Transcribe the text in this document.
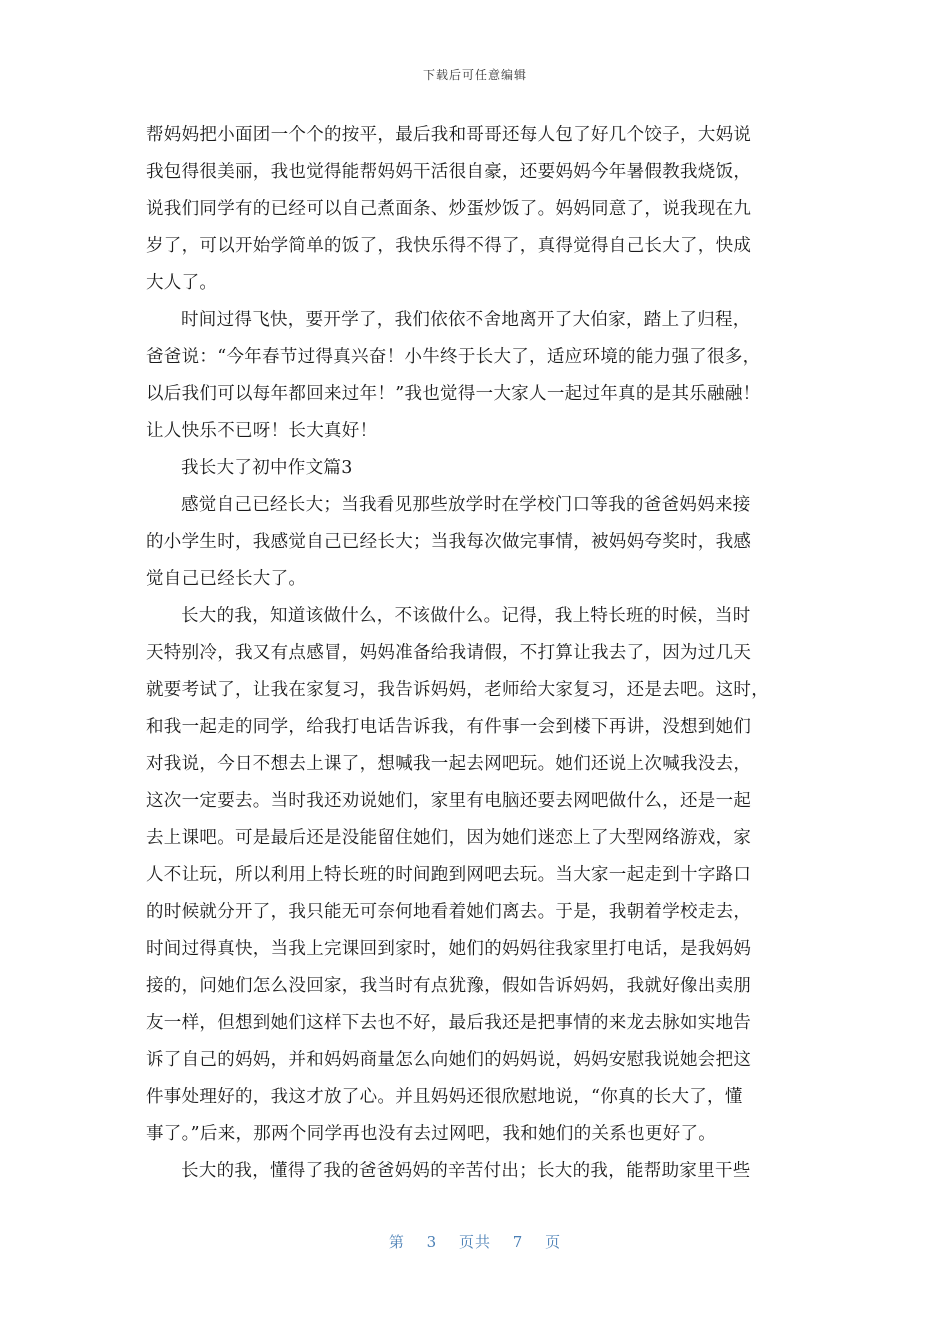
下载后可任意编辑
帮妈妈把小面团一个个的按平，最后我和哥哥还每人包了好几个饺子，大妈说
我包得很美丽，我也觉得能帮妈妈干活很自豪，还要妈妈今年暑假教我烧饭，
说我们同学有的已经可以自己煮面条、炒蛋炒饭了。妈妈同意了，说我现在九
岁了，可以开始学简单的饭了，我快乐得不得了，真得觉得自己长大了，快成
大人了。
时间过得飞快，要开学了，我们依依不舍地离开了大伯家，踏上了归程，
爸爸说：“今年春节过得真兴奋！小牛终于长大了，适应环境的能力强了很多，
以后我们可以每年都回来过年！”我也觉得一大家人一起过年真的是其乐融融！
让人快乐不已呀！长大真好！
我长大了初中作文篇3
感觉自己已经长大；当我看见那些放学时在学校门口等我的爸爸妈妈来接
的小学生时，我感觉自己已经长大；当我每次做完事情，被妈妈夸奖时，我感
觉自己已经长大了。
长大的我，知道该做什么，不该做什么。记得，我上特长班的时候，当时
天特别冷，我又有点感冒，妈妈准备给我请假，不打算让我去了，因为过几天
就要考试了，让我在家复习，我告诉妈妈，老师给大家复习，还是去吧。这时，
和我一起走的同学，给我打电话告诉我，有件事一会到楼下再讲，没想到她们
对我说，今日不想去上课了，想喊我一起去网吧玩。她们还说上次喊我没去，
这次一定要去。当时我还劝说她们，家里有电脑还要去网吧做什么，还是一起
去上课吧。可是最后还是没能留住她们，因为她们迷恋上了大型网络游戏，家
人不让玩，所以利用上特长班的时间跑到网吧去玩。当大家一起走到十字路口
的时候就分开了，我只能无可奈何地看着她们离去。于是，我朝着学校走去，
时间过得真快，当我上完课回到家时，她们的妈妈往我家里打电话，是我妈妈
接的，问她们怎么没回家，我当时有点犹豫，假如告诉妈妈，我就好像出卖朋
友一样，但想到她们这样下去也不好，最后我还是把事情的来龙去脉如实地告
诉了自己的妈妈，并和妈妈商量怎么向她们的妈妈说，妈妈安慰我说她会把这
件事处理好的，我这才放了心。并且妈妈还很欣慰地说，“你真的长大了，懂
事了。”后来，那两个同学再也没有去过网吧，我和她们的关系也更好了。
长大的我，懂得了我的爸爸妈妈的辛苦付出；长大的我，能帮助家里干些
第 3 页共 7 页
